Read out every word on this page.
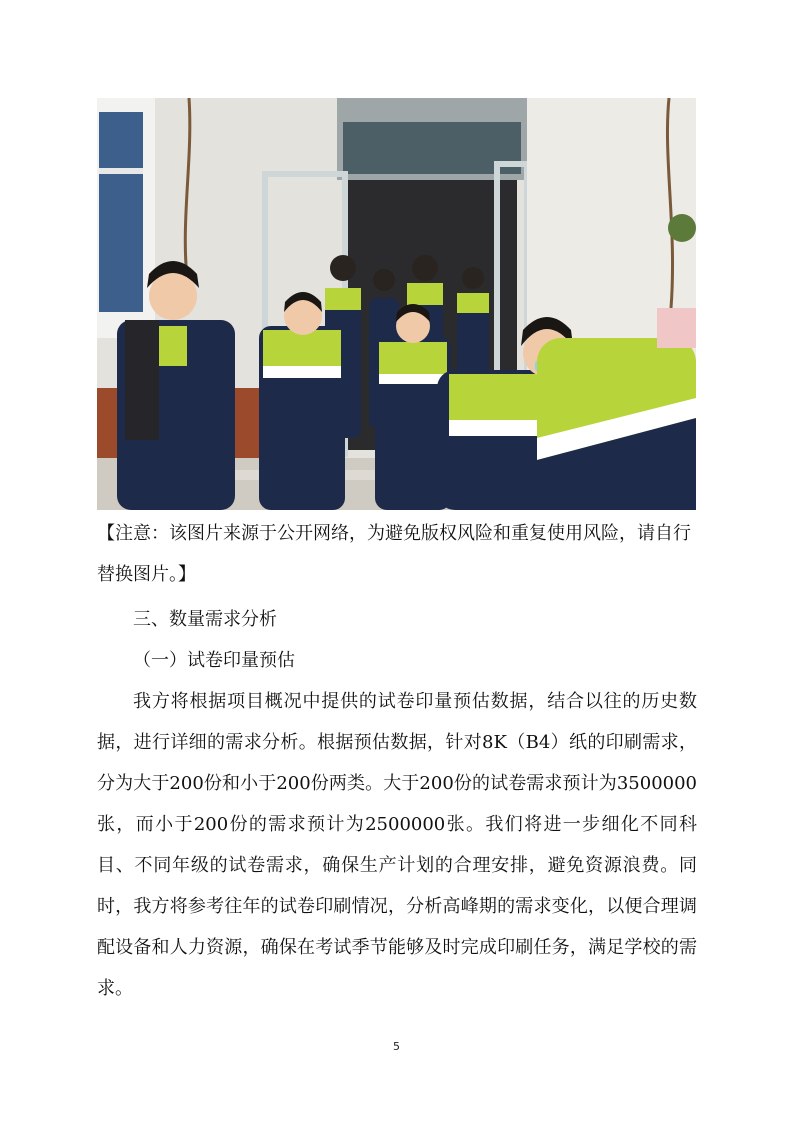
【注意：该图片来源于公开网络，为避免版权风险和重复使用风险，请自行替换图片。】

三、数量需求分析

（一）试卷印量预估

我方将根据项目概况中提供的试卷印量预估数据，结合以往的历史数据，进行详细的需求分析。根据预估数据，针对8K（B4）纸的印刷需求，分为大于200份和小于200份两类。大于200份的试卷需求预计为3500000张，而小于200份的需求预计为2500000张。我们将进一步细化不同科目、不同年级的试卷需求，确保生产计划的合理安排，避免资源浪费。同时，我方将参考往年的试卷印刷情况，分析高峰期的需求变化，以便合理调配设备和人力资源，确保在考试季节能够及时完成印刷任务，满足学校的需求。

5
